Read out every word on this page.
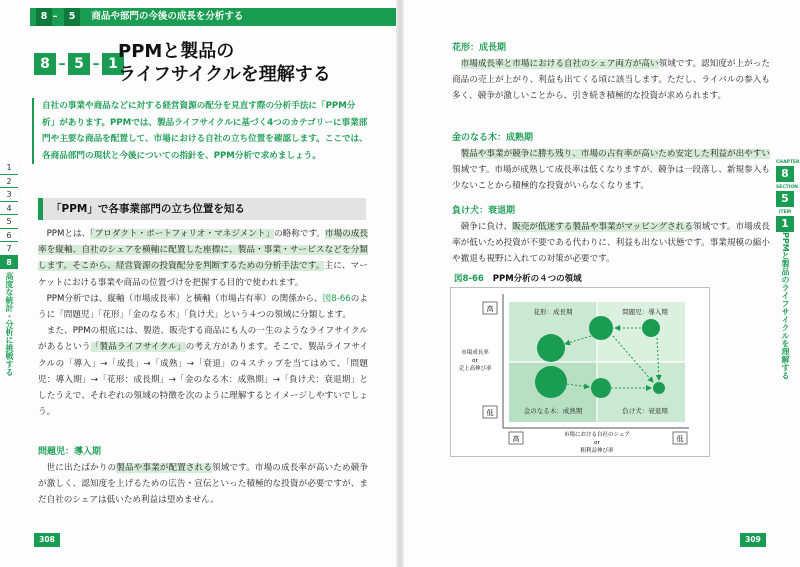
8 – 5 商品や部門の今後の成長を分析する
8 – 5 – 1
PPMと製品の
ライフサイクルを理解する
自社の事業や商品などに対する経営資源の配分を見直す際の分析手法に「PPM分析」があります。PPMでは、製品ライフサイクルに基づく4つのカテゴリーに事業部門や主要な商品を配置して、市場における自社の立ち位置を確認します。ここでは、各商品部門の現状と今後についての指針を、PPM分析で求めましょう。
「PPM」で各事業部門の立ち位置を知る

PPMとは、「プロダクト・ポートフォリオ・マネジメント」の略称です。市場の成長率を縦軸、自社のシェアを横軸に配置した座標に、製品・事業・サービスなどを分類します。そこから、経営資源の投資配分を判断するための分析手法です。主に、マーケットにおける事業や商品の位置づけを把握する目的で使われます。

PPM分析では、縦軸（市場成長率）と横軸（市場占有率）の関係から、図8-66のように「問題児」「花形」「金のなる木」「負け犬」という４つの領域に分類します。

また、PPMの根底には、製造、販売する商品にも人の一生のようなライフサイクルがあるという「製品ライフサイクル」の考え方があります。そこで、製品ライフサイクルの「導入」→「成長」→「成熟」→「衰退」の４ステップを当てはめて、「問題児：導入期」→「花形：成長期」→「金のなる木：成熟期」→「負け犬：衰退期」としたうえで、それぞれの領域の特徴を次のように理解するとイメージしやすいでしょう。

問題児：導入期

世に出たばかりの製品や事業が配置される領域です。市場の成長率が高いため競争が激しく、認知度を上げるための広告・宣伝といった積極的な投資が必要ですが、まだ自社のシェアは低いため利益は望めません。

1
2
3
4
5
6
7
8
高度な統計・分析に挑戦する
308
CHAPTER
8
SECTION
5
ITEM
1
PPMと製品のライフサイクルを理解する
309
花形：成長期

市場成長率と市場における自社のシェア両方が高い領域です。認知度が上がった商品の売上が上がり、利益も出てくる頃に該当します。ただし、ライバルの参入も多く、競争が激しいことから、引き続き積極的な投資が求められます。

金のなる木：成熟期

製品や事業が競争に勝ち残り、市場の占有率が高いため安定した利益が出やすい領域です。市場が成熟して成長率は低くなりますが、競争は一段落し、新規参入も少ないことから積極的な投資がいらなくなります。

負け犬：衰退期

競争に負け、販売が低迷する製品や事業がマッピングされる領域です。市場成長率が低いため投資が不要である代わりに、利益も出ない状態です。事業規模の縮小や撤退も視野に入れての対策が必要です。

図8-66 PPM分析の４つの領域
花形：成長期	問題児：導入期
金のなる木：成熟期	負け犬：衰退期
高
低
市場成長率
or
売上高伸び率
高	低
市場における自社のシェア
or
粗利益伸び率
